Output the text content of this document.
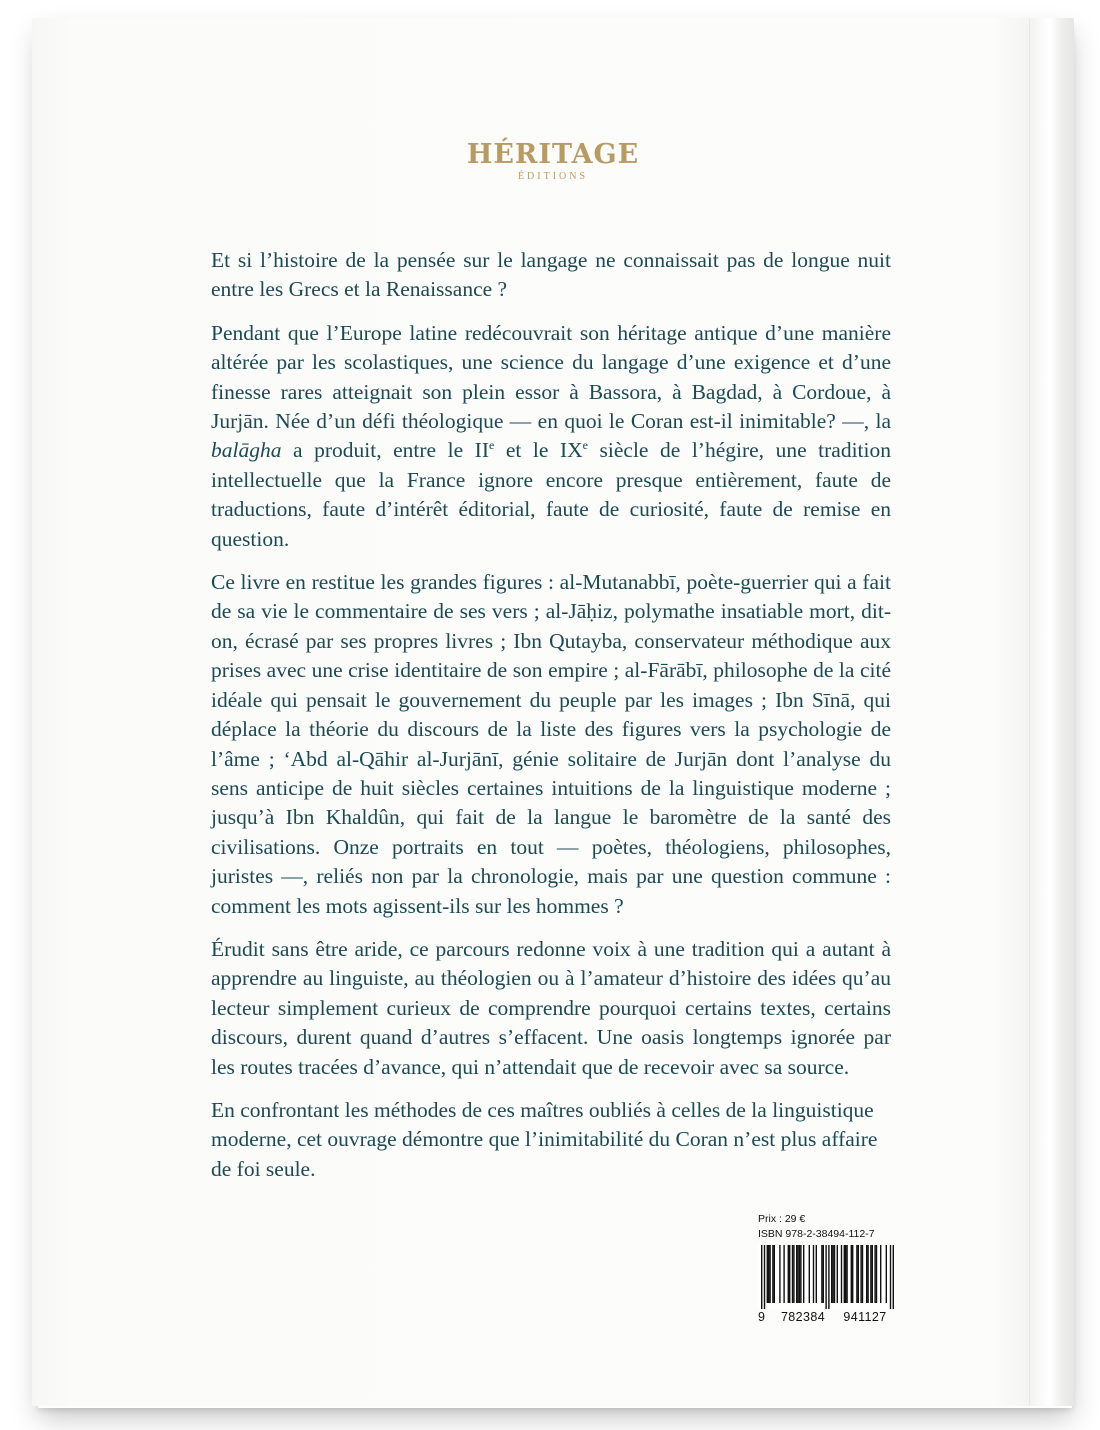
HÉRITAGE
ÉDITIONS

Et si l’histoire de la pensée sur le langage ne connaissait pas de longue nuit entre les Grecs et la Renaissance ?

Pendant que l’Europe latine redécouvrait son héritage antique d’une manière altérée par les scolastiques, une science du langage d’une exigence et d’une finesse rares atteignait son plein essor à Bassora, à Bagdad, à Cordoue, à Jurjān. Née d’un défi théologique — en quoi le Coran est-il inimitable? —, la balāgha a produit, entre le IIe et le IXe siècle de l’hégire, une tradition intellectuelle que la France ignore encore presque entièrement, faute de traductions, faute d’intérêt éditorial, faute de curiosité, faute de remise en question.

Ce livre en restitue les grandes figures : al-Mutanabbī, poète-guerrier qui a fait de sa vie le commentaire de ses vers ; al-Jāḥiz, polymathe insatiable mort, dit-on, écrasé par ses propres livres ; Ibn Qutayba, conservateur méthodique aux prises avec une crise identitaire de son empire ; al-Fārābī, philosophe de la cité idéale qui pensait le gouvernement du peuple par les images ; Ibn Sīnā, qui déplace la théorie du discours de la liste des figures vers la psychologie de l’âme ; ‘Abd al-Qāhir al-Jurjānī, génie solitaire de Jurjān dont l’analyse du sens anticipe de huit siècles certaines intuitions de la linguistique moderne ; jusqu’à Ibn Khaldûn, qui fait de la langue le baromètre de la santé des civilisations. Onze portraits en tout — poètes, théologiens, philosophes, juristes —, reliés non par la chronologie, mais par une question commune : comment les mots agissent-ils sur les hommes ?

Érudit sans être aride, ce parcours redonne voix à une tradition qui a autant à apprendre au linguiste, au théologien ou à l’amateur d’histoire des idées qu’au lecteur simplement curieux de comprendre pourquoi certains textes, certains discours, durent quand d’autres s’effacent. Une oasis longtemps ignorée par les routes tracées d’avance, qui n’attendait que de recevoir avec sa source.

En confrontant les méthodes de ces maîtres oubliés à celles de la linguistique moderne, cet ouvrage démontre que l’inimitabilité du Coran n’est plus affaire de foi seule.

Prix : 29 €
ISBN 978-2-38494-112-7
9	782384	941127
